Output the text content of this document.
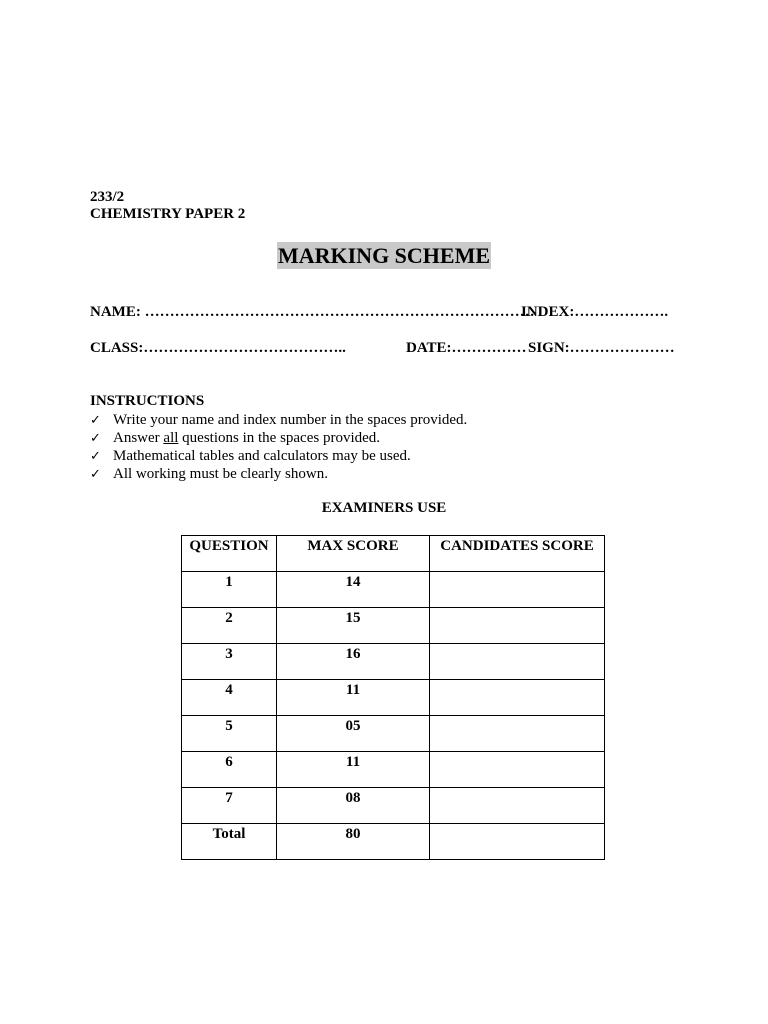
233/2
CHEMISTRY PAPER 2
MARKING SCHEME
NAME: ……………………………………………………………………
INDEX:……………….
CLASS:…………………………………..	DATE:…………… SIGN:…………………
INSTRUCTIONS
✓ Write your name and index number in the spaces provided.
✓ Answer all questions in the spaces provided.
✓ Mathematical tables and calculators may be used.
✓ All working must be clearly shown.
EXAMINERS USE
QUESTION	MAX SCORE	CANDIDATES SCORE
1	14	
2	15	
3	16	
4	11	
5	05	
6	11	
7	08	
Total	80	
